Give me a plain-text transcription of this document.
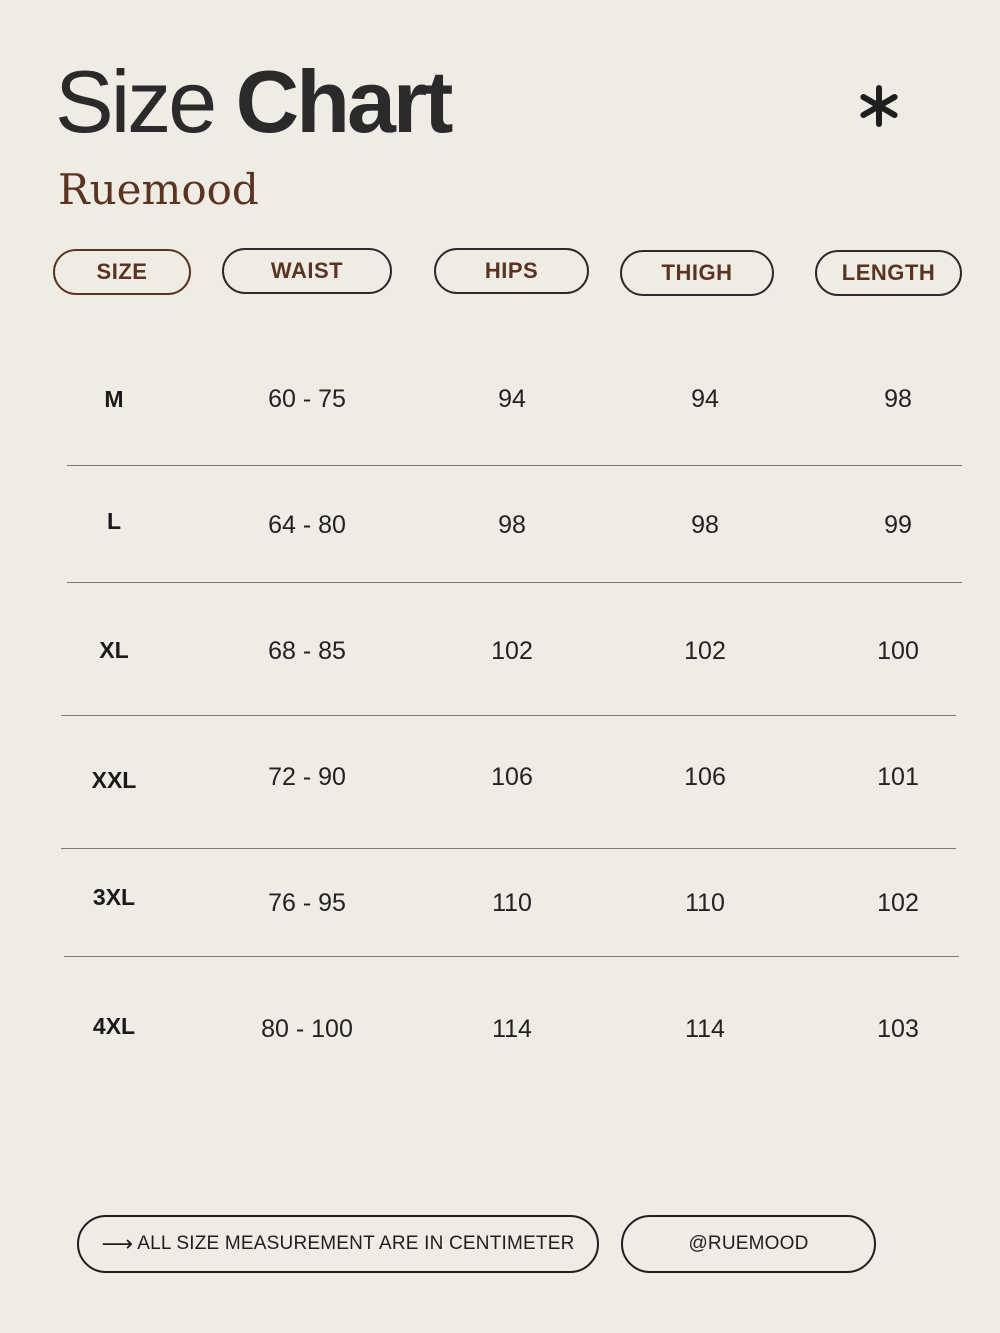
Size Chart
Ruemood
SIZE	WAIST	HIPS	THIGH	LENGTH
M	60 - 75	94	94	98
L	64 - 80	98	98	99
XL	68 - 85	102	102	100
XXL	72 - 90	106	106	101
3XL	76 - 95	110	110	102
4XL	80 - 100	114	114	103
⟶ ALL SIZE MEASUREMENT ARE IN CENTIMETER	@RUEMOOD
